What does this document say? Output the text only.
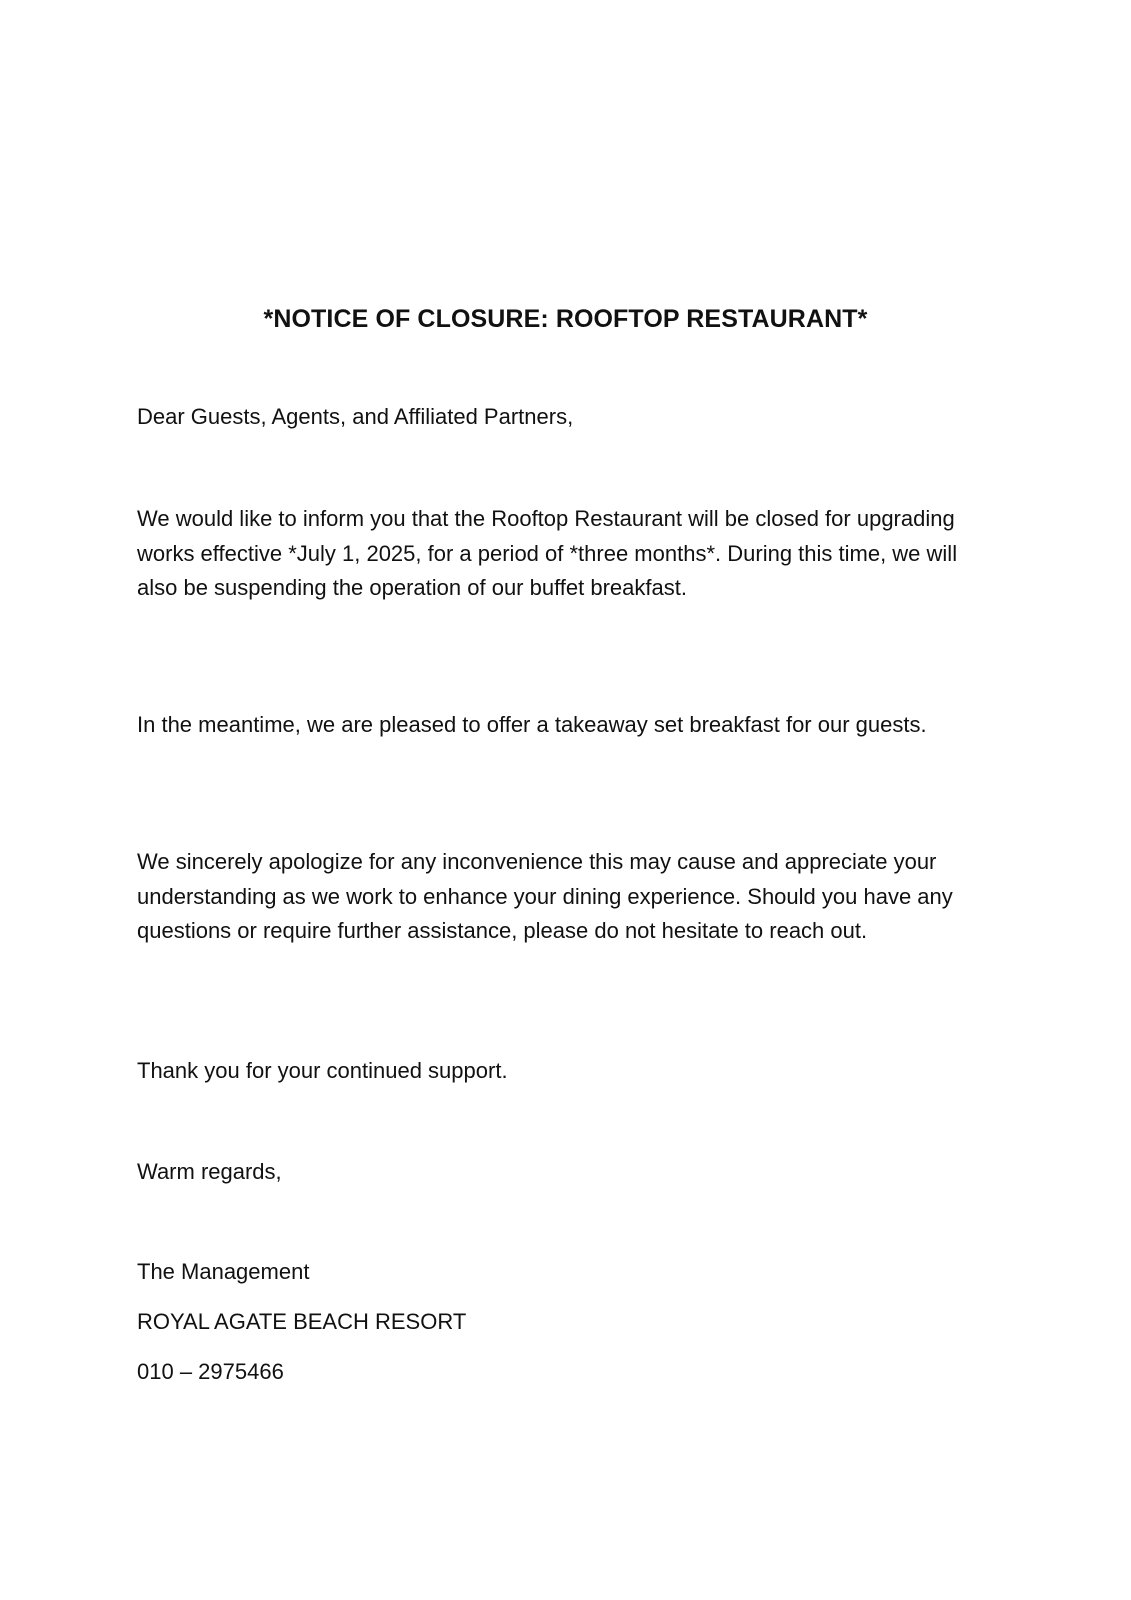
*NOTICE OF CLOSURE: ROOFTOP RESTAURANT*

Dear Guests, Agents, and Affiliated Partners,

We would like to inform you that the Rooftop Restaurant will be closed for upgrading works effective *July 1, 2025, for a period of *three months*. During this time, we will also be suspending the operation of our buffet breakfast.

In the meantime, we are pleased to offer a takeaway set breakfast for our guests.

We sincerely apologize for any inconvenience this may cause and appreciate your understanding as we work to enhance your dining experience. Should you have any questions or require further assistance, please do not hesitate to reach out.

Thank you for your continued support.

Warm regards,

The Management

ROYAL AGATE BEACH RESORT

010 – 2975466
